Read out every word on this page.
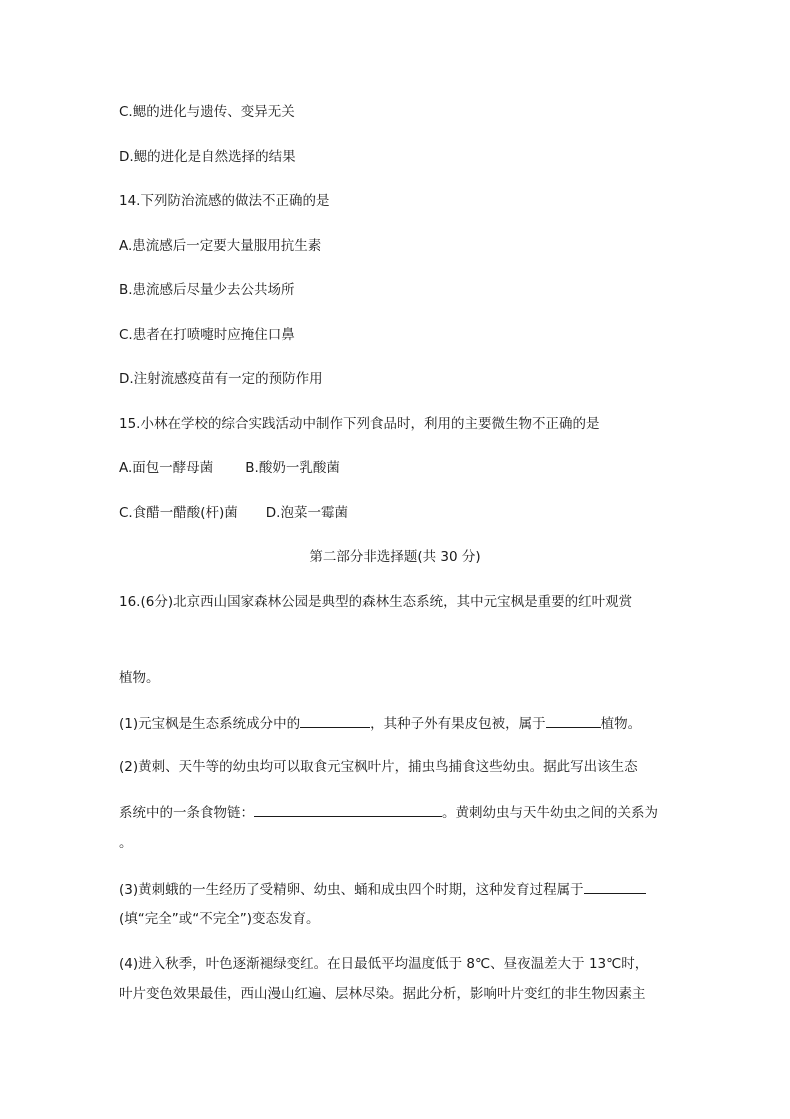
C.鳃的进化与遗传、变异无关
D.鳃的进化是自然选择的结果
14.下列防治流感的做法不正确的是
A.患流感后一定要大量服用抗生素
B.患流感后尽量少去公共场所
C.患者在打喷嚏时应掩住口鼻
D.注射流感疫苗有一定的预防作用
15.小林在学校的综合实践活动中制作下列食品时，利用的主要微生物不正确的是
A.面包一酵母菌 B.酸奶一乳酸菌
C.食醋一醋酸(杆)菌 D.泡菜一霉菌
第二部分非选择题(共 30 分)
16.(6分)北京西山国家森林公园是典型的森林生态系统，其中元宝枫是重要的红叶观赏
植物。
(1)元宝枫是生态系统成分中的	，其种子外有果皮包被，属于	植物。
(2)黄刺、天牛等的幼虫均可以取食元宝枫叶片，捕虫鸟捕食这些幼虫。据此写出该生态
系统中的一条食物链：	。黄刺幼虫与天牛幼虫之间的关系为
。
(3)黄刺蛾的一生经历了受精卵、幼虫、蛹和成虫四个时期，这种发育过程属于
(填“完全”或“不完全”)变态发育。
(4)进入秋季，叶色逐渐褪绿变红。在日最低平均温度低于 8℃、昼夜温差大于 13℃时，
叶片变色效果最佳，西山漫山红遍、层林尽染。据此分析，影响叶片变红的非生物因素主
